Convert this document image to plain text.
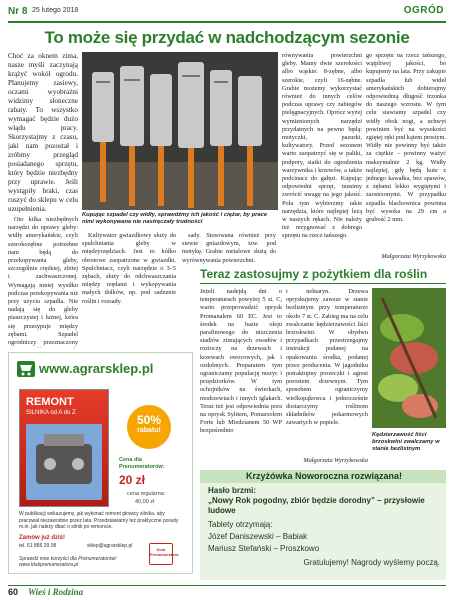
Nr 8 25 lutego 2018	OGRÓD
To może się przydać w nadchodzącym sezonie

Choć za oknem zima, nasze myśli zaczynają krążyć wokół ogrodu. Planujemy zasiewy, oczami wyobraźni widzimy słoneczne rabaty. To wszystko wymagać będzie dużo włądu pracy. Skorzystajmy z czasu, jaki nam pozostał i zróbmy przegląd posiadanego sprzętu, który będzie niezbędny przy uprawie. Jeśli wystąpiły braki, czas ruszyć do sklepu w celu uzupełnienia.

Oto kilka niezbędnych narzędzi do uprawy gleby: widły amerykańskie, czyli szerokozębne potrzebne nam będą do przekopywania gleby, szczególnie ciężkiej, zbitej i zachwaszczonej. Wymagają mniej wysiłku podczas przekopywania niż przy użyciu szpadla. Nie nadają się do gleby piaszczystej i lużnej, która się przesypuje między zębami. Szpadel ogrodniczy przeznaczony

Kupując szpadel czy widły, sprawdźmy ich jakość i ciężar, by prace nimi wykonywane nie nastręczały trudności

Kultywator gwiazdkowy służy do spulchniania gleby w międzyrzędziach. Jest to kółko obrotowe zaopatrzone w gwiazdki. Spulchniacz, czyli narzędzie o 3–5 zębach, służy do odchwaszczania między rzędami i wykopywania małych dołków, np. pod sadzenie roślin i rozsady.

sady. Stosowana również przy siewie gniazdowym, tzw. pod motykę. Grabie metalowe służą do wyrównywania powierzchni.

równywania powierzchni gleby. Mamy dwie szerokości albo wąskie: 8-zębne, albo szerokie, czyli 16-zębne. Grabie możemy wykorzystać również do innych celów podczas uprawy czy zabiegów pielęgnacyjnych. Oprócz wyżej wymienionych narzędzi przydatnych na pewno będą: motyczki, pazurki, kultywatory. Przed sezonem warto zaopatrzyć się w paliki, podpory, siatki do ogrodzenia warzywnika i krzewów, a także podcinacz do gałęzi. Kupując odpowiedni sprzęt, musimy zwrócić uwagę na jego jakość. Pola tym wybierzmy takie narzędzia, które najlepiej leżą w naszych rękach. Nie należy też rezygnować z dobrego sprzętu na rzecz tańszego.

go sprzętu na rzecz tańszego, wątpliwej jakości, bo kupujemy na lata. Przy zakupie szpadla lub wideł amerykańskich dobierajmy odpowiednią długość trzonka do naszego wzrostu. W tym celu stawiamy szpadel czy widły obok nogi, a uchwyt powinien być na wysokości zgiętej ręki pod kątem prostym. Widły nie powinny być także za ciężkie – powinny ważyć maksymalnie 2 kg. Widły najlepiej, gdy będą kute z jednego kawałka, bez spawów, z zębami lekko wygiętymi i zaostrzonymi. W przypadku szpadla blachownica powinna być wysoka na 29 cm a grubość 2 mm.

Małgorzata Wyrzykowska
Teraz zastosujmy z pożytkiem dla roślin

Jeżeli nadejdą dni o temperaturach powyżej 5 st. C, warto przeprowadzić oprysk Promanalem 60 EC. Jest to środek na bazie oleju parafinowego do niszczenia stadiów zimujących owadów i roztoczy na drzewach i krzewach owocowych, jak i ozdobnych. Preparatem tym ograniczamy populację mszyc i przędziorków. W tym ochojników na świerkach, modrzewiach i innych iglakach. Teraz też jest odpowiednia pora na oprysk Sylitem, Pomarsolem Forte lub Miedzianem 50 WP bezpośrednio

i nektaryn. Drzewa opryskujemy zawsze w stanie bezlistnym przy temperaturze około 7 st. C. Zabieg ma na celu zwalczanie kędzierzawości liści brzoskwini. W obydwu przypadkach przestrzegajmy instrukcji podanej na opakowaniu środka, podanej przez producenta. W jagodniku potraktujmy porzeczki i agrest porostem drzewnym. Tym sposobem ograniczymy wielkopąkowca i jednocześnie dostarczymy roślinom składników pokarmowych zawartych w popiele.

Małgorzata Wyrzykowska
Kędzierzawość liści brzoskwini zwalczamy w stanie bezlistnym
www.agrarsklep.pl
REMONT
SILNIKA od A do Z	50%
rabatu!
Cena dla Prenumeratorów:
20 zł
cena regularna:
40,00 zł
W publikacji wskazujemy, jak wykonać remont głowicy silnika, aby pracował niezawodnie przez lata. Przedstawiamy też praktyczne porady m.in. jak należy dbać o silnik po remoncie.
Zamów już dziś!
tel. 61 886 29 08	sklep@agrarsklep.pl
Sprawdź inne korzyści dla Prenumeratorów! www.klubprenumeratora.pl
Klub Prenumeratora
Krzyżówka Noworoczna rozwiązana!
Hasło brzmi:
„Nowy Rok pogodny, zbiór będzie dorodny” – przysłowie ludowe
Tablety otrzymają:
Józef Daniszewski – Babiak
Mariusz Stefański – Proszkowo
Gratulujemy! Nagrody wyślemy począ.
60 Wieś i Rodzina
